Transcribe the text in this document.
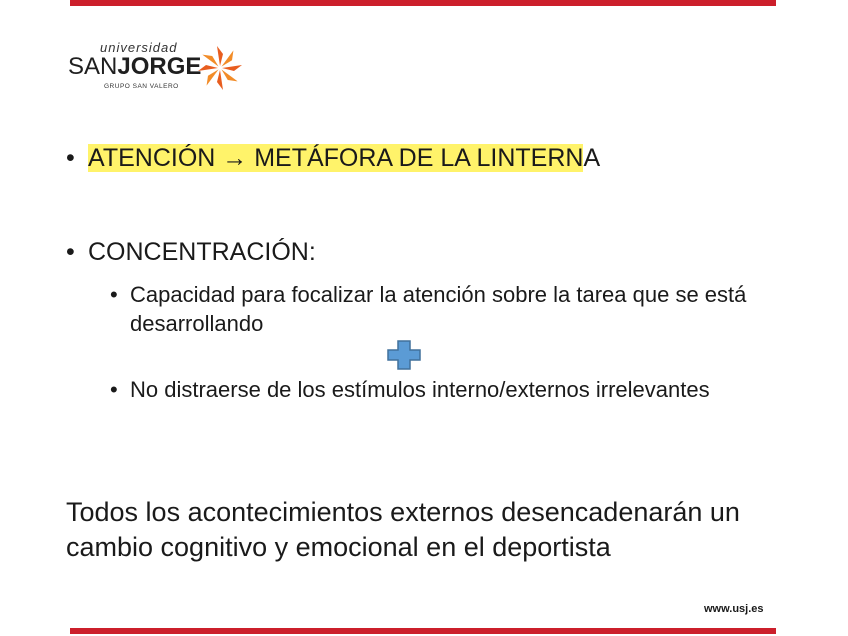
universidad
SANJORGE
GRUPO SAN VALERO
• ATENCIÓN → METÁFORA DE LA LINTERNA
• CONCENTRACIÓN:
• Capacidad para focalizar la atención sobre la tarea que se está desarrollando
• No distraerse de los estímulos interno/externos irrelevantes
Todos los acontecimientos externos desencadenarán un cambio cognitivo y emocional en el deportista
www.usj.es
